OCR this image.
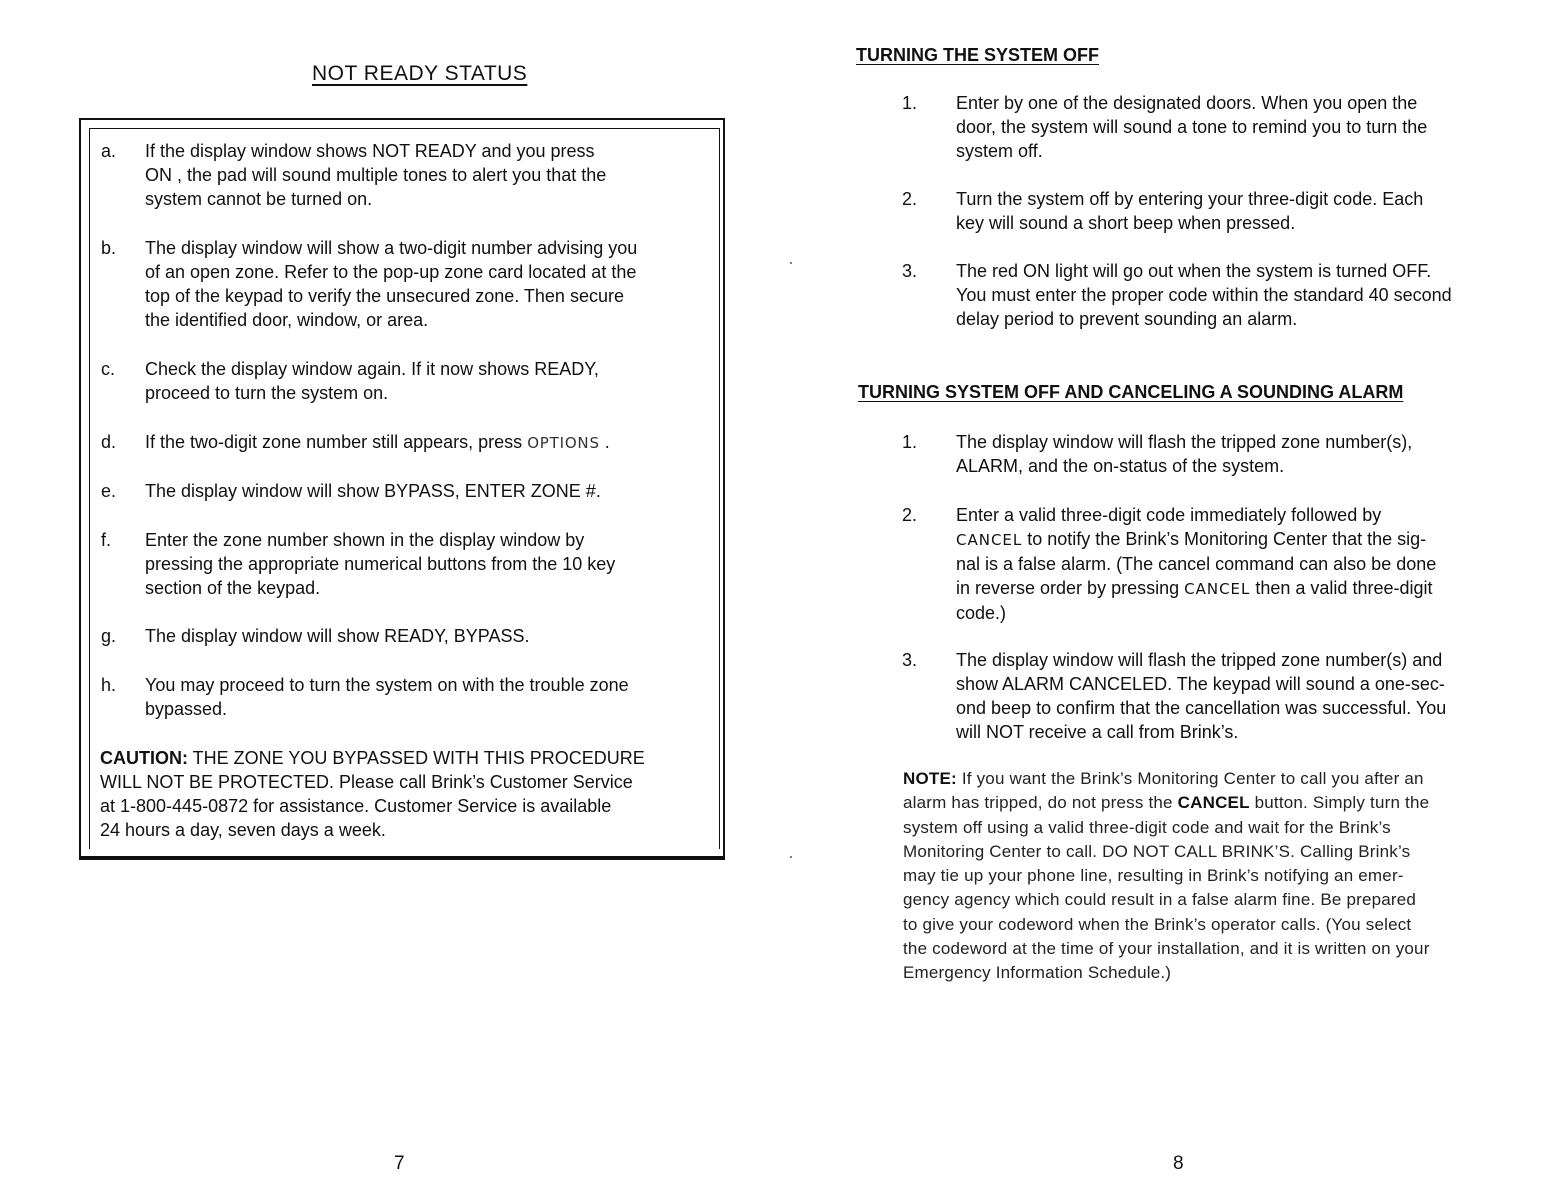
NOT READY STATUS
a. If the display window shows NOT READY and you press
ON , the pad will sound multiple tones to alert you that the
system cannot be turned on.
b. The display window will show a two-digit number advising you
of an open zone. Refer to the pop-up zone card located at the
top of the keypad to verify the unsecured zone. Then secure
the identified door, window, or area.
c. Check the display window again. If it now shows READY,
proceed to turn the system on.
d. If the two-digit zone number still appears, press OPTIONS .
e. The display window will show BYPASS, ENTER ZONE #.
f. Enter the zone number shown in the display window by
pressing the appropriate numerical buttons from the 10 key
section of the keypad.
g. The display window will show READY, BYPASS.
h. You may proceed to turn the system on with the trouble zone
bypassed.
CAUTION: THE ZONE YOU BYPASSED WITH THIS PROCEDURE
WILL NOT BE PROTECTED. Please call Brink’s Customer Service
at 1-800-445-0872 for assistance. Customer Service is available
24 hours a day, seven days a week.
7
TURNING THE SYSTEM OFF
1. Enter by one of the designated doors. When you open the
door, the system will sound a tone to remind you to turn the
system off.
2. Turn the system off by entering your three-digit code. Each
key will sound a short beep when pressed.
3. The red ON light will go out when the system is turned OFF.
You must enter the proper code within the standard 40 second
delay period to prevent sounding an alarm.
TURNING SYSTEM OFF AND CANCELING A SOUNDING ALARM
1. The display window will flash the tripped zone number(s),
ALARM, and the on-status of the system.
2. Enter a valid three-digit code immediately followed by
CANCEL to notify the Brink’s Monitoring Center that the sig-
nal is a false alarm. (The cancel command can also be done
in reverse order by pressing CANCEL then a valid three-digit
code.)
3. The display window will flash the tripped zone number(s) and
show ALARM CANCELED. The keypad will sound a one-sec-
ond beep to confirm that the cancellation was successful. You
will NOT receive a call from Brink’s.
NOTE: If you want the Brink’s Monitoring Center to call you after an
alarm has tripped, do not press the CANCEL button. Simply turn the
system off using a valid three-digit code and wait for the Brink’s
Monitoring Center to call. DO NOT CALL BRINK’S. Calling Brink’s
may tie up your phone line, resulting in Brink’s notifying an emer-
gency agency which could result in a false alarm fine. Be prepared
to give your codeword when the Brink’s operator calls. (You select
the codeword at the time of your installation, and it is written on your
Emergency Information Schedule.)
8
